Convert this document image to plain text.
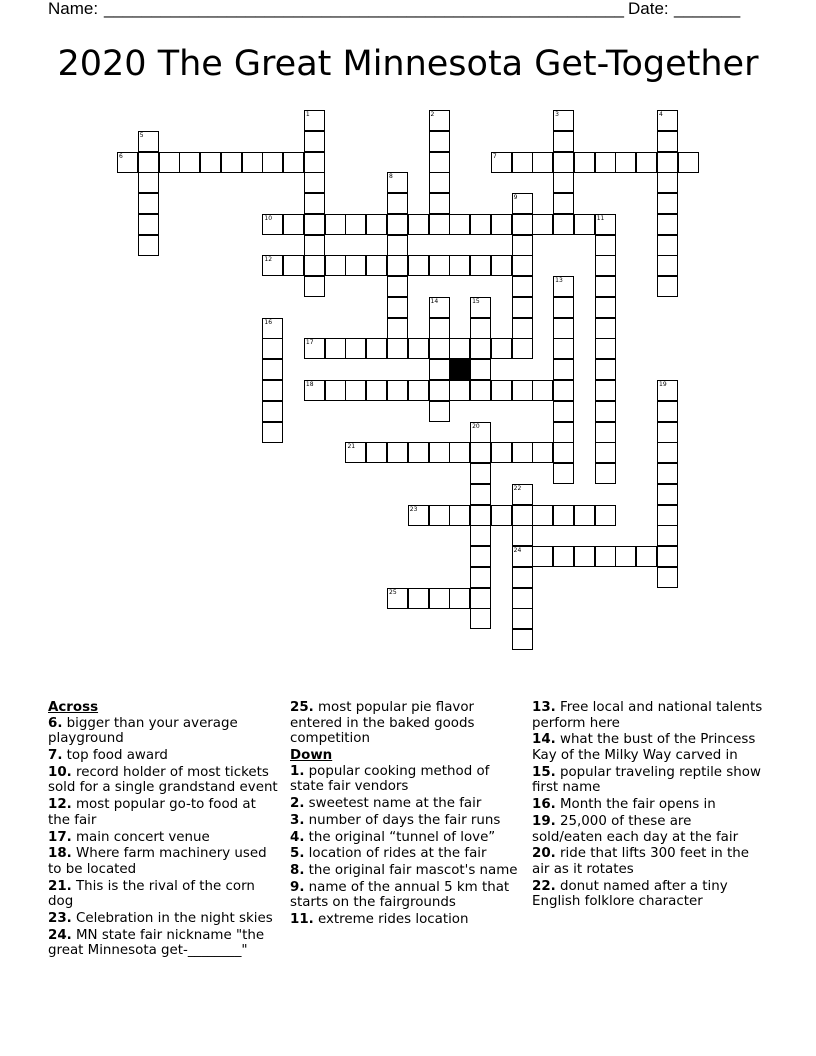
Name: _______________________________________________________ Date: _______
2020 The Great Minnesota Get-Together
6	7
10	11
12
17
18
21
23
24
25
1	2	3	4
5
8
9
13
14	15
16
19
20
22
Across
6. bigger than your average playground
7. top food award
10. record holder of most tickets sold for a single grandstand event
12. most popular go-to food at the fair
17. main concert venue
18. Where farm machinery used to be located
21. This is the rival of the corn dog
23. Celebration in the night skies
24. MN state fair nickname "the great Minnesota get-________"
25. most popular pie flavor entered in the baked goods competition
Down
1. popular cooking method of state fair vendors
2. sweetest name at the fair
3. number of days the fair runs
4. the original “tunnel of love”
5. location of rides at the fair
8. the original fair mascot's name
9. name of the annual 5 km that starts on the fairgrounds
11. extreme rides location
13. Free local and national talents perform here
14. what the bust of the Princess Kay of the Milky Way carved in
15. popular traveling reptile show first name
16. Month the fair opens in
19. 25,000 of these are sold/eaten each day at the fair
20. ride that lifts 300 feet in the air as it rotates
22. donut named after a tiny English folklore character
